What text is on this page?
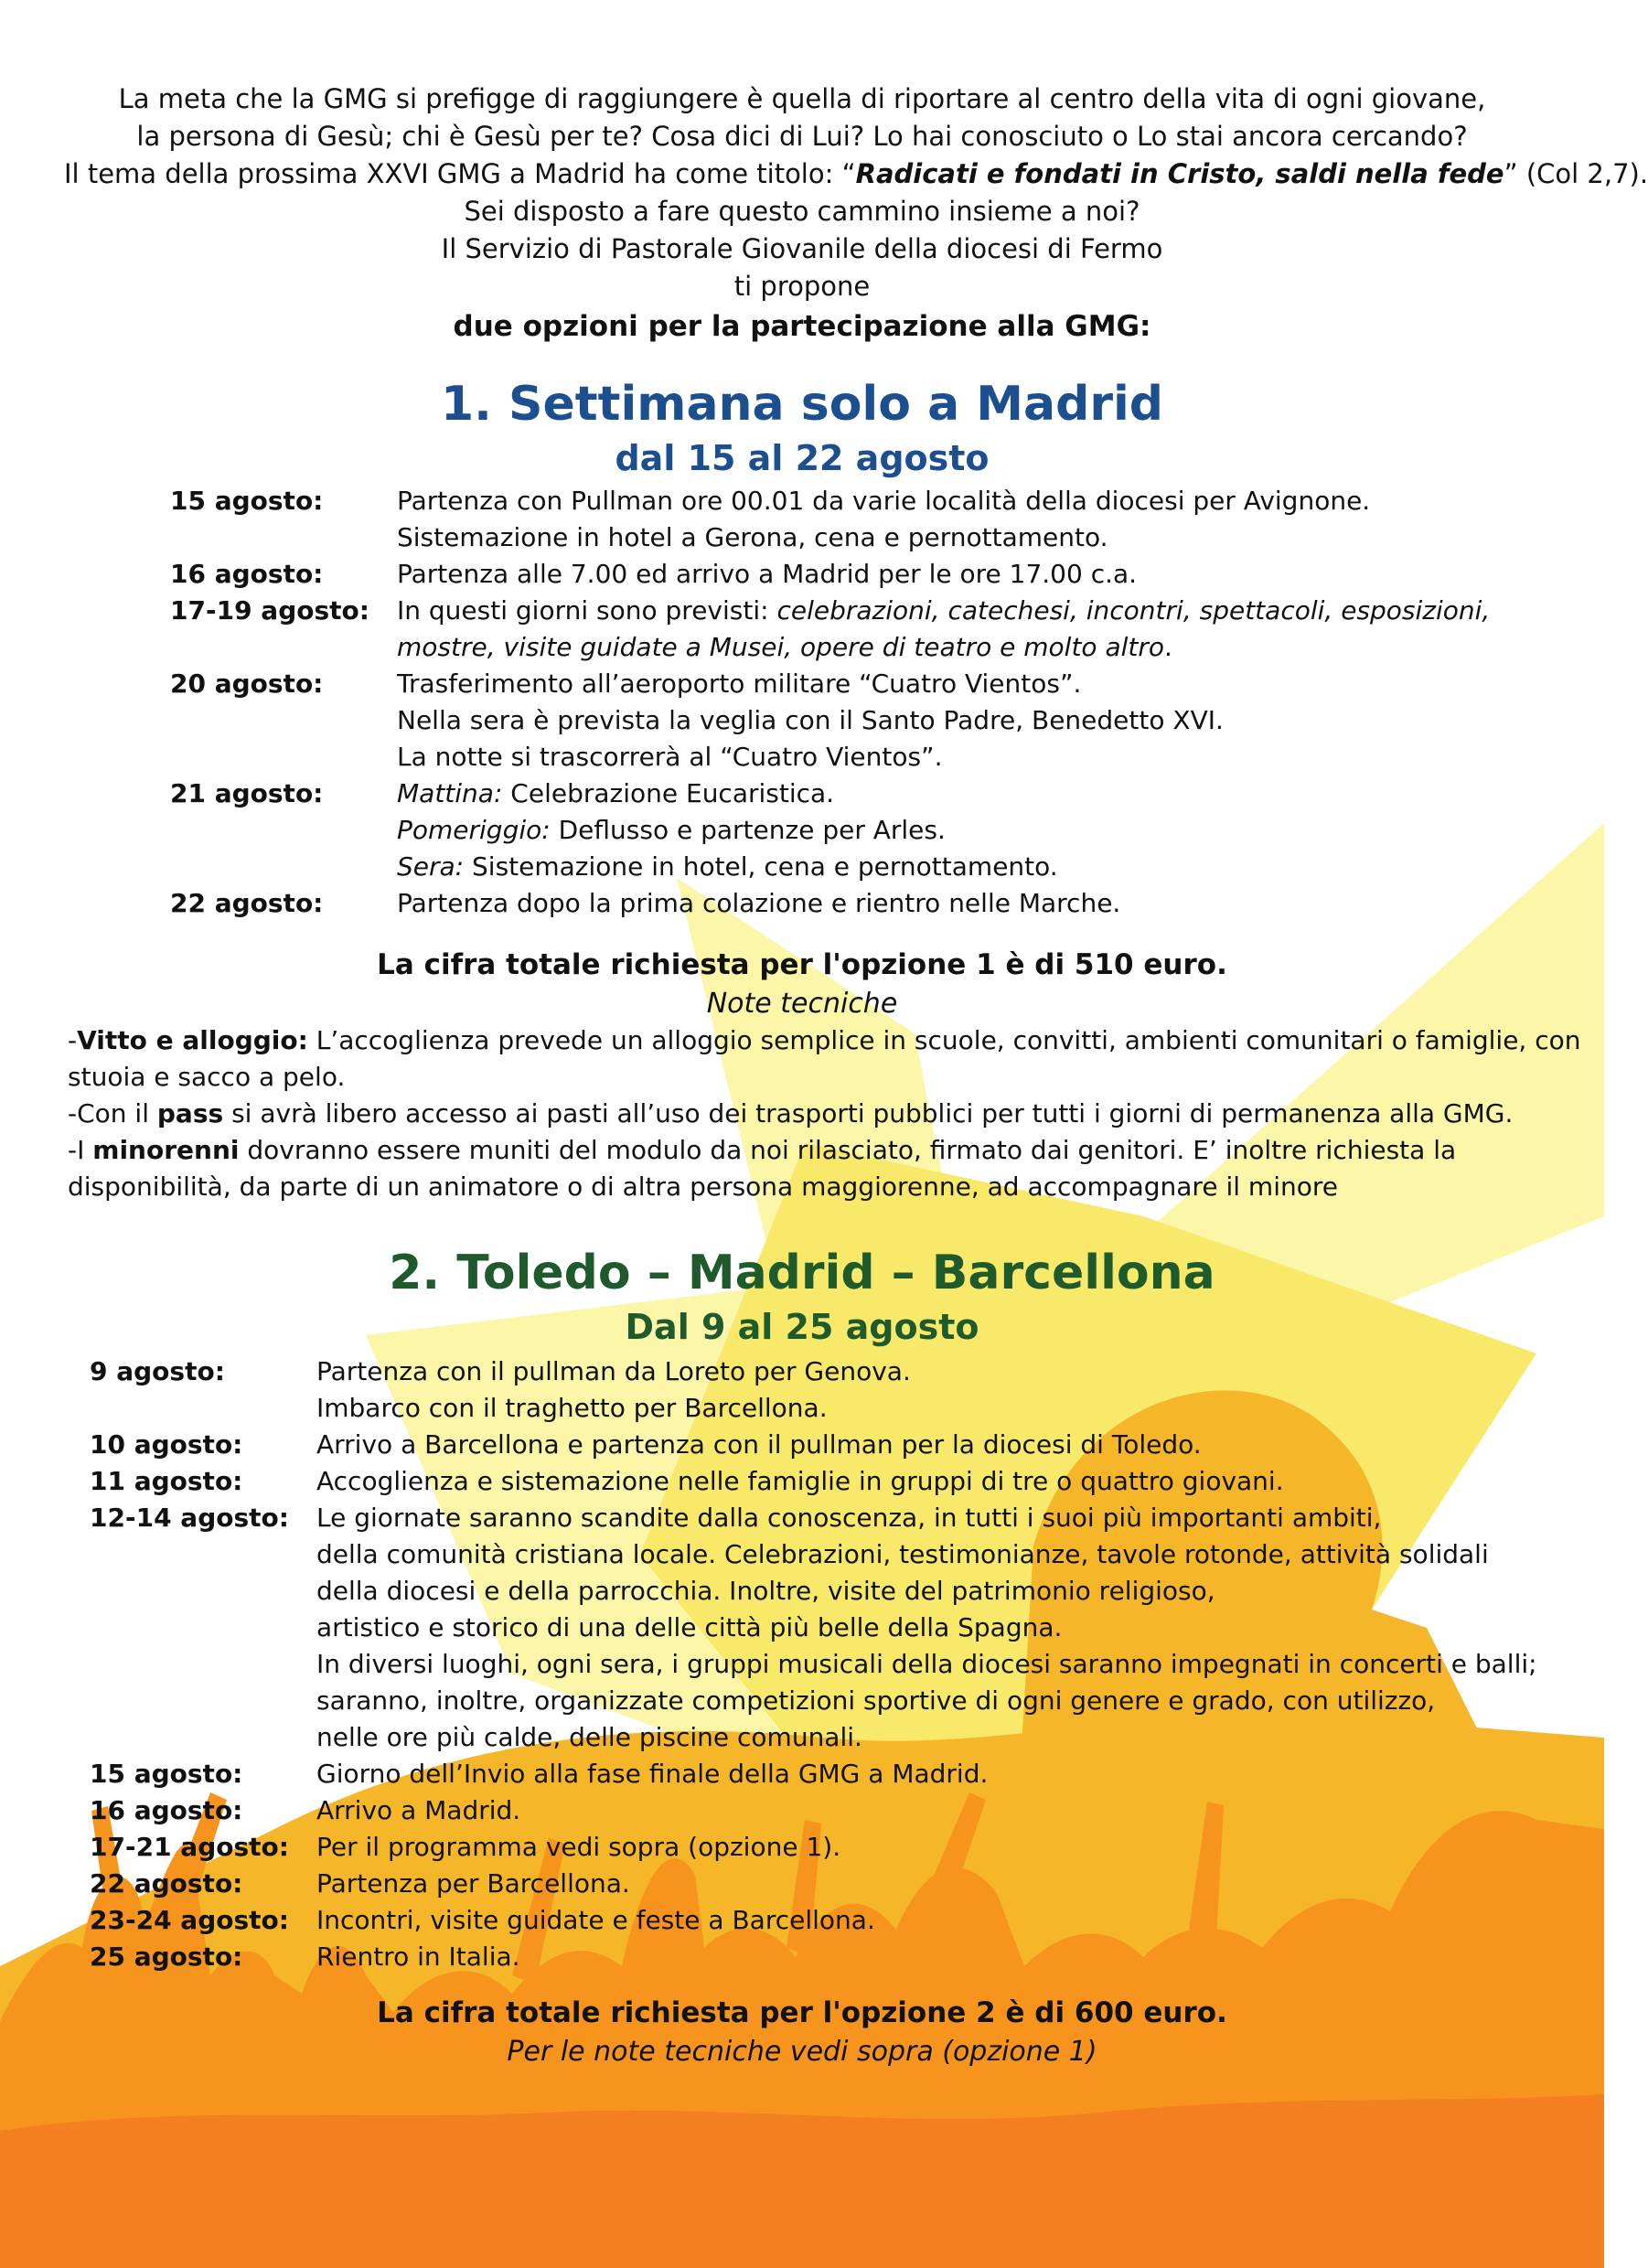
La meta che la GMG si prefigge di raggiungere è quella di riportare al centro della vita di ogni giovane,
la persona di Gesù; chi è Gesù per te? Cosa dici di Lui? Lo hai conosciuto o Lo stai ancora cercando?
Il tema della prossima XXVI GMG a Madrid ha come titolo: “Radicati e fondati in Cristo, saldi nella fede” (Col 2,7).
Sei disposto a fare questo cammino insieme a noi?
Il Servizio di Pastorale Giovanile della diocesi di Fermo
ti propone
due opzioni per la partecipazione alla GMG:
1. Settimana solo a Madrid
dal 15 al 22 agosto
15 agosto:	Partenza con Pullman ore 00.01 da varie località della diocesi per Avignone.
Sistemazione in hotel a Gerona, cena e pernottamento.
16 agosto:	Partenza alle 7.00 ed arrivo a Madrid per le ore 17.00 c.a.
17-19 agosto:	In questi giorni sono previsti: celebrazioni, catechesi, incontri, spettacoli, esposizioni,
mostre, visite guidate a Musei, opere di teatro e molto altro.
20 agosto:	Trasferimento all’aeroporto militare “Cuatro Vientos”.
Nella sera è prevista la veglia con il Santo Padre, Benedetto XVI.
La notte si trascorrerà al “Cuatro Vientos”.
21 agosto:	Mattina: Celebrazione Eucaristica.
Pomeriggio: Deflusso e partenze per Arles.
Sera: Sistemazione in hotel, cena e pernottamento.
22 agosto:	Partenza dopo la prima colazione e rientro nelle Marche.
La cifra totale richiesta per l'opzione 1 è di 510 euro.
Note tecniche
-Vitto e alloggio: L’accoglienza prevede un alloggio semplice in scuole, convitti, ambienti comunitari o famiglie, con
stuoia e sacco a pelo.
-Con il pass si avrà libero accesso ai pasti all’uso dei trasporti pubblici per tutti i giorni di permanenza alla GMG.
-I minorenni dovranno essere muniti del modulo da noi rilasciato, firmato dai genitori. E’ inoltre richiesta la
disponibilità, da parte di un animatore o di altra persona maggiorenne, ad accompagnare il minore
2. Toledo – Madrid – Barcellona
Dal 9 al 25 agosto
9 agosto:	Partenza con il pullman da Loreto per Genova.
Imbarco con il traghetto per Barcellona.
10 agosto:	Arrivo a Barcellona e partenza con il pullman per la diocesi di Toledo.
11 agosto:	Accoglienza e sistemazione nelle famiglie in gruppi di tre o quattro giovani.
12-14 agosto:	Le giornate saranno scandite dalla conoscenza, in tutti i suoi più importanti ambiti,
della comunità cristiana locale. Celebrazioni, testimonianze, tavole rotonde, attività solidali
della diocesi e della parrocchia. Inoltre, visite del patrimonio religioso,
artistico e storico di una delle città più belle della Spagna.
In diversi luoghi, ogni sera, i gruppi musicali della diocesi saranno impegnati in concerti e balli;
saranno, inoltre, organizzate competizioni sportive di ogni genere e grado, con utilizzo,
nelle ore più calde, delle piscine comunali.
15 agosto:	Giorno dell’Invio alla fase finale della GMG a Madrid.
16 agosto:	Arrivo a Madrid.
17-21 agosto:	Per il programma vedi sopra (opzione 1).
22 agosto:	Partenza per Barcellona.
23-24 agosto:	Incontri, visite guidate e feste a Barcellona.
25 agosto:	Rientro in Italia.
La cifra totale richiesta per l'opzione 2 è di 600 euro.
Per le note tecniche vedi sopra (opzione 1)
